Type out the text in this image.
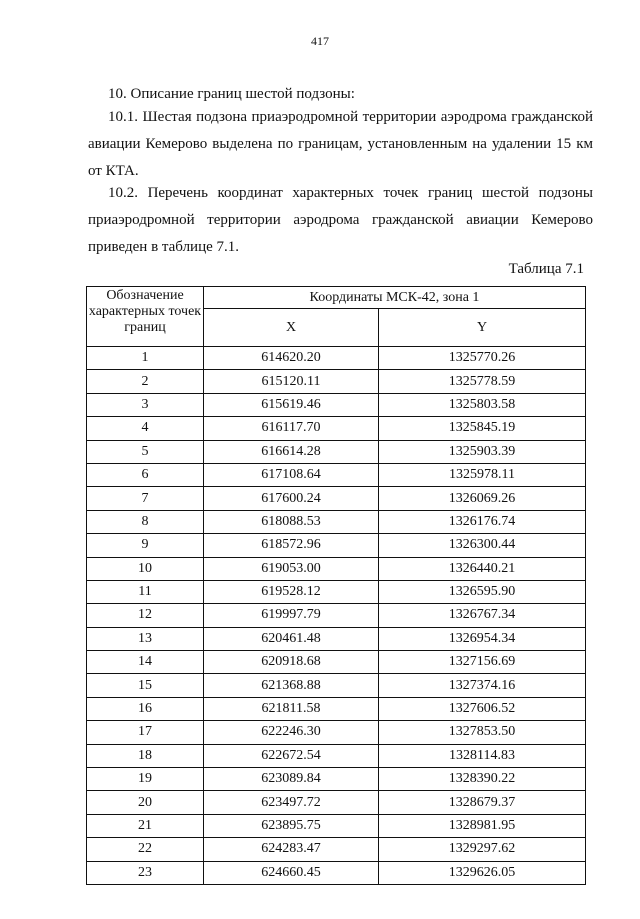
417
10. Описание границ шестой подзоны:

10.1. Шестая подзона приаэродромной территории аэродрома гражданской авиации Кемерово выделена по границам, установленным на удалении 15 км от КТА.

10.2. Перечень координат характерных точек границ шестой подзоны приаэродромной территории аэродрома гражданской авиации Кемерово приведен в таблице 7.1.

Таблица 7.1
Обозначение характерных точек границ	Координаты МСК-42, зона 1	
	X	Y
1	614620.20	1325770.26
2	615120.11	1325778.59
3	615619.46	1325803.58
4	616117.70	1325845.19
5	616614.28	1325903.39
6	617108.64	1325978.11
7	617600.24	1326069.26
8	618088.53	1326176.74
9	618572.96	1326300.44
10	619053.00	1326440.21
11	619528.12	1326595.90
12	619997.79	1326767.34
13	620461.48	1326954.34
14	620918.68	1327156.69
15	621368.88	1327374.16
16	621811.58	1327606.52
17	622246.30	1327853.50
18	622672.54	1328114.83
19	623089.84	1328390.22
20	623497.72	1328679.37
21	623895.75	1328981.95
22	624283.47	1329297.62
23	624660.45	1329626.05
